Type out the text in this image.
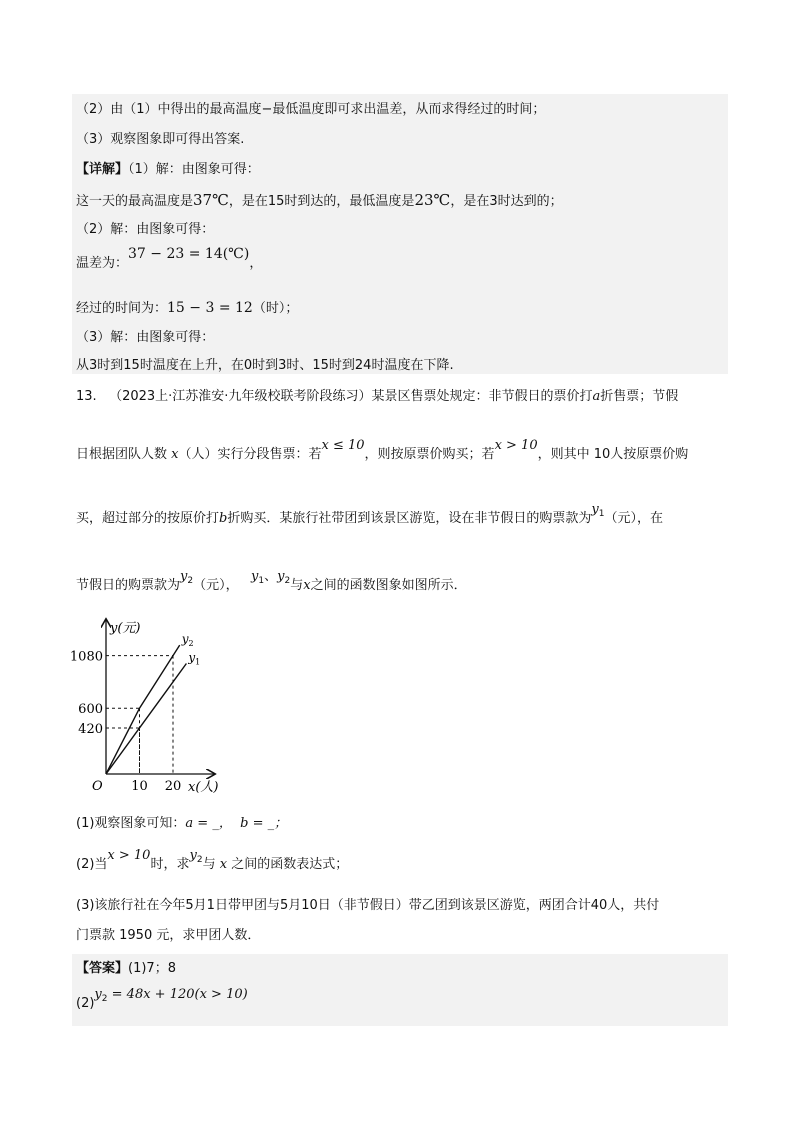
（2）由（1）中得出的最高温度−最低温度即可求出温差，从而求得经过的时间；
（3）观察图象即可得出答案.
【详解】（1）解：由图象可得：
这一天的最高温度是37℃，是在15时到达的，最低温度是23℃，是在3时达到的；
（2）解：由图象可得：
温差为：37 − 23 = 14(℃)，
经过的时间为：15 − 3 = 12（时）；
（3）解：由图象可得：
从3时到15时温度在上升，在0时到3时、15时到24时温度在下降.
13. （2023上·江苏淮安·九年级校联考阶段练习）某景区售票处规定：非节假日的票价打a折售票；节假
日根据团队人数 x（人）实行分段售票：若x ≤ 10，则按原票价购买；若x > 10，则其中 10人按原票价购
买，超过部分的按原价打b折购买．某旅行社带团到该景区游览，设在非节假日的购票款为$y_1$（元），在
节假日的购票款为$y_2$（元），   $y_1$、$y_2$与x之间的函数图象如图所示．
y(元)
x(人)
O 10 20
1080
600
420
$y_2$
$y_1$
(1)观察图象可知：a = _， b = _；
(2)当x > 10时，求$y_2$与 x 之间的函数表达式；
(3)该旅行社在今年5月1日带甲团与5月10日（非节假日）带乙团到该景区游览，两团合计40人，共付
门票款 1950 元，求甲团人数．
【答案】(1)7；8
$(2)y_2 = 48x + 120(x > 10)$
